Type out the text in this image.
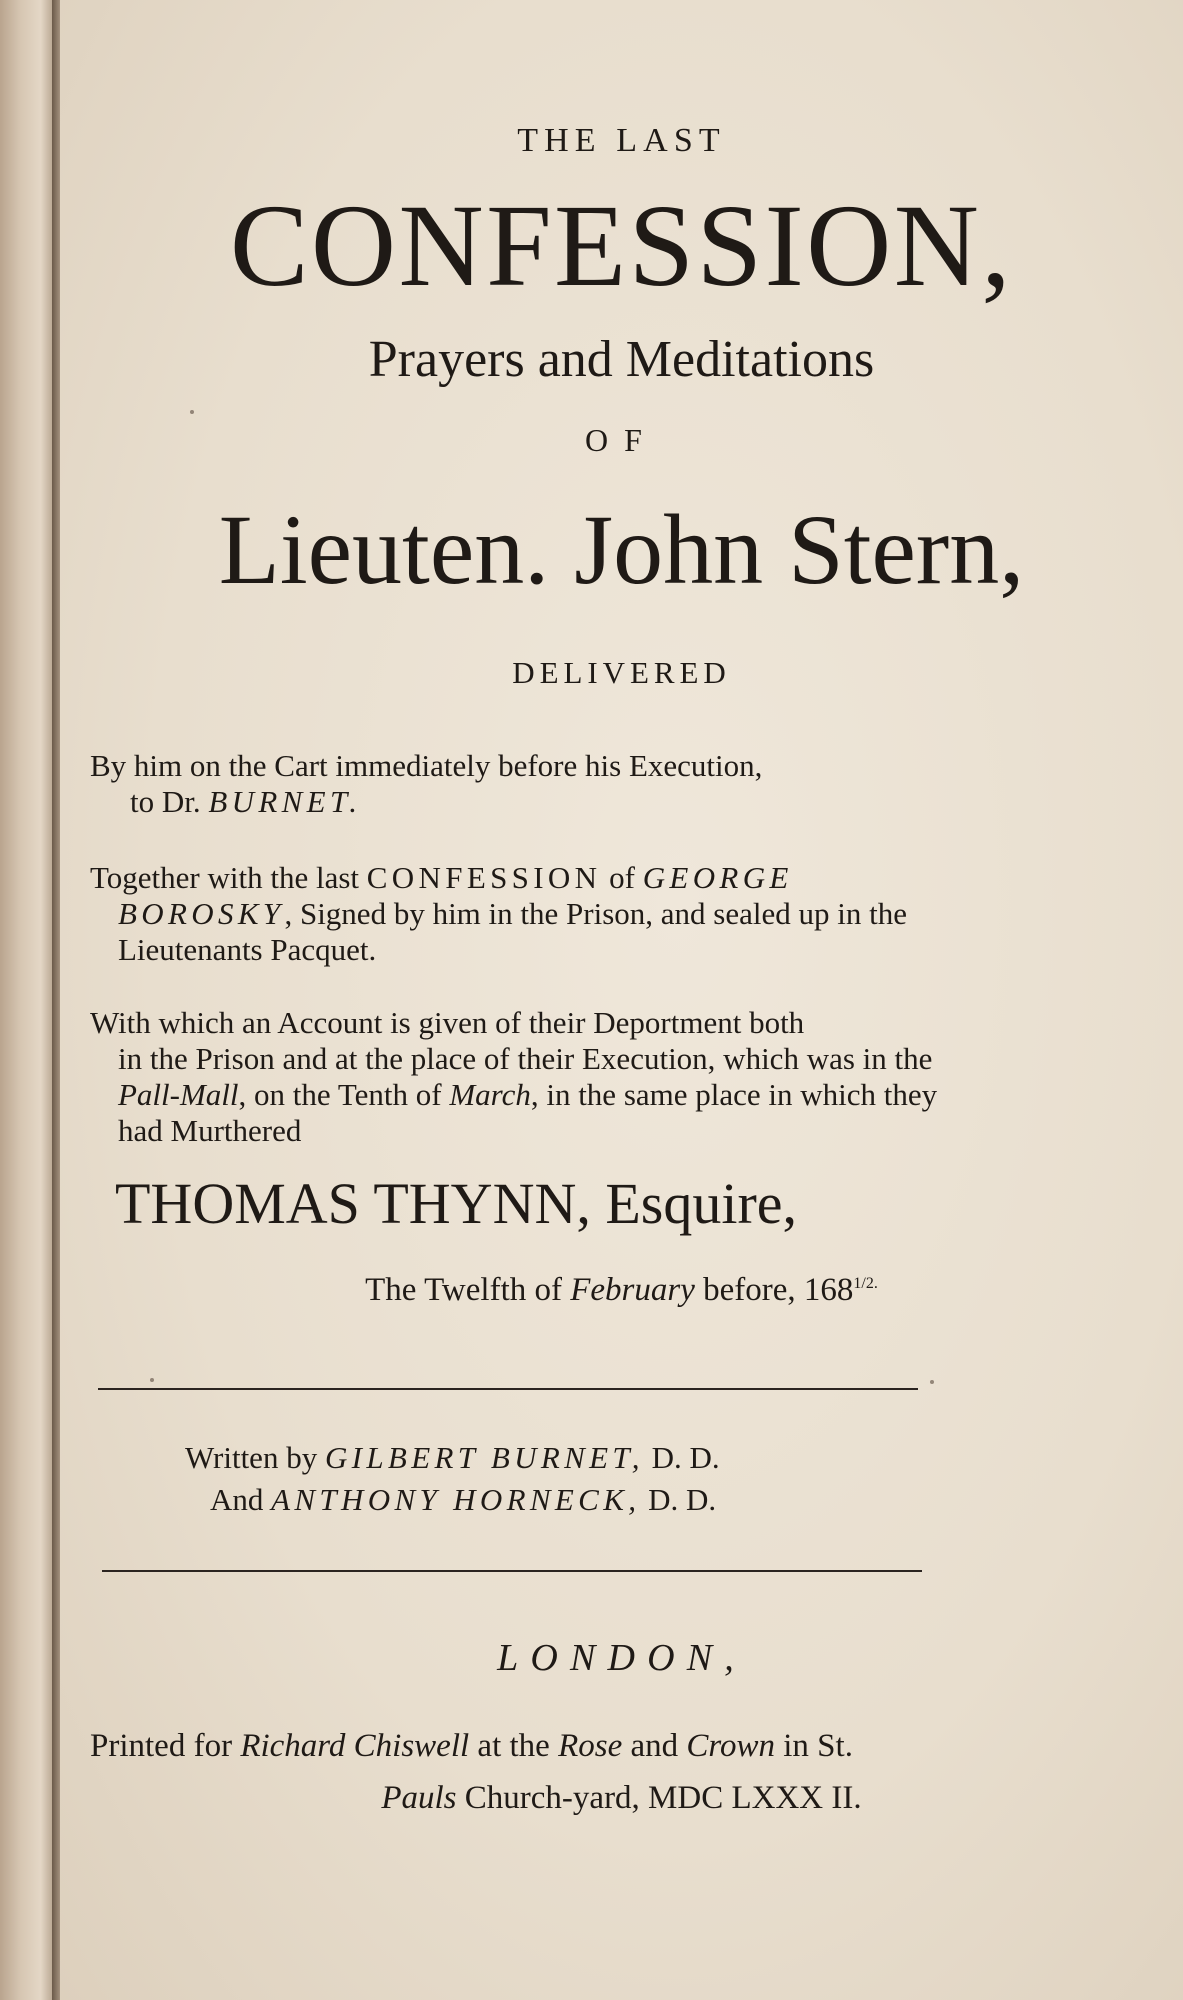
THE LAST
CONFESSION,
Prayers and Meditations
OF
Lieuten. John Stern,
DELIVERED
By him on the Cart immediately before his Execution,
to Dr. BURNET.
Together with the last CONFESSION of GEORGE
BOROSKY, Signed by him in the Prison, and sealed up in the
Lieutenants Pacquet.
With which an Account is given of their Deportment both
in the Prison and at the place of their Execution, which was in the
Pall-Mall, on the Tenth of March, in the same place in which they
had Murthered
THOMAS THYNN, Esquire,
The Twelfth of February before, $168^{1/2.}$
Written by GILBERT BURNET, D. D.
And ANTHONY HORNECK, D. D.
LONDON,
Printed for Richard Chiswell at the Rose and Crown in St.
Pauls Church-yard, MDC LXXX II.
